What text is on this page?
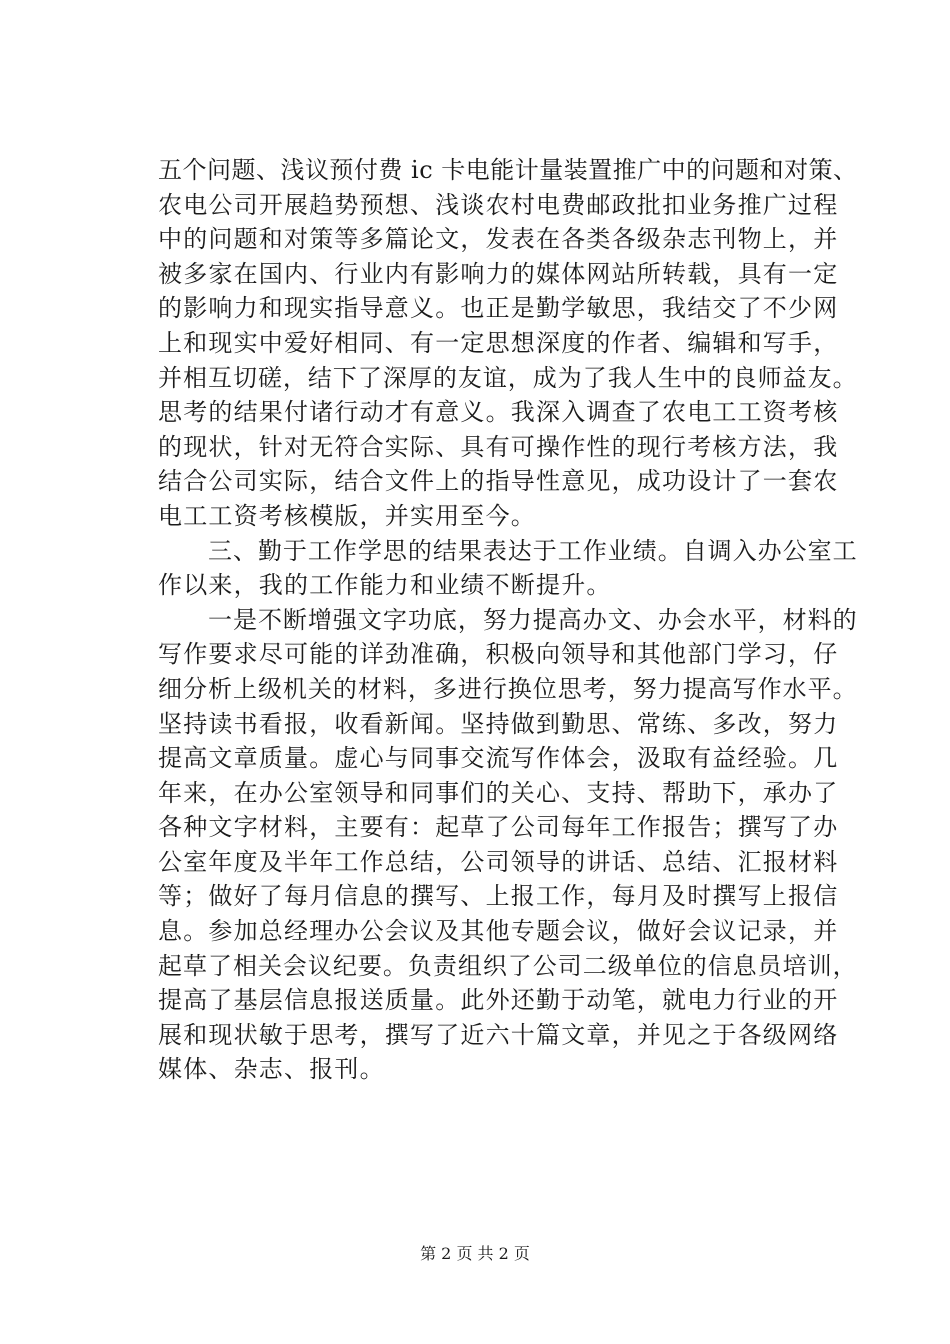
五个问题、浅议预付费 ic 卡电能计量装置推广中的问题和对策、
农电公司开展趋势预想、浅谈农村电费邮政批扣业务推广过程
中的问题和对策等多篇论文，发表在各类各级杂志刊物上，并
被多家在国内、行业内有影响力的媒体网站所转载，具有一定
的影响力和现实指导意义。也正是勤学敏思，我结交了不少网
上和现实中爱好相同、有一定思想深度的作者、编辑和写手，
并相互切磋，结下了深厚的友谊，成为了我人生中的良师益友。
思考的结果付诸行动才有意义。我深入调查了农电工工资考核
的现状，针对无符合实际、具有可操作性的现行考核方法，我
结合公司实际，结合文件上的指导性意见，成功设计了一套农
电工工资考核模版，并实用至今。
　　三、勤于工作学思的结果表达于工作业绩。自调入办公室工
作以来，我的工作能力和业绩不断提升。
　　一是不断增强文字功底，努力提高办文、办会水平，材料的
写作要求尽可能的详劲准确，积极向领导和其他部门学习，仔
细分析上级机关的材料，多进行换位思考，努力提高写作水平。
坚持读书看报，收看新闻。坚持做到勤思、常练、多改，努力
提高文章质量。虚心与同事交流写作体会，汲取有益经验。几
年来，在办公室领导和同事们的关心、支持、帮助下，承办了
各种文字材料，主要有：起草了公司每年工作报告；撰写了办
公室年度及半年工作总结，公司领导的讲话、总结、汇报材料
等；做好了每月信息的撰写、上报工作，每月及时撰写上报信
息。参加总经理办公会议及其他专题会议，做好会议记录，并
起草了相关会议纪要。负责组织了公司二级单位的信息员培训，
提高了基层信息报送质量。此外还勤于动笔，就电力行业的开
展和现状敏于思考，撰写了近六十篇文章，并见之于各级网络
媒体、杂志、报刊。
第 2 页 共 2 页
